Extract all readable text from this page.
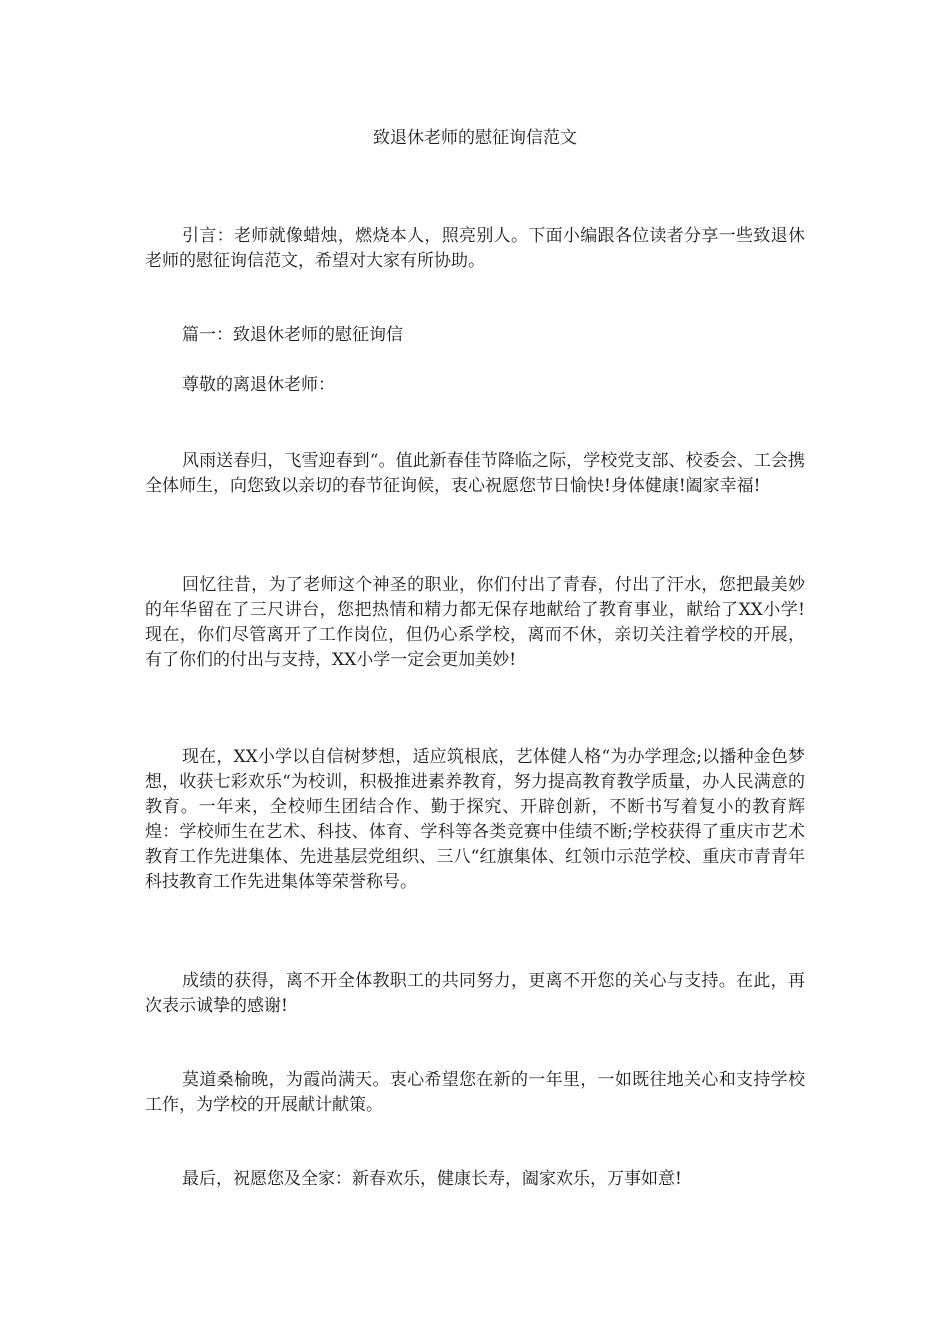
致退休老师的慰征询信范文

引言：老师就像蜡烛，燃烧本人，照亮别人。下面小编跟各位读者分享一些致退休老师的慰征询信范文，希望对大家有所协助。

篇一：致退休老师的慰征询信

尊敬的离退休老师：

风雨送春归，飞雪迎春到“。值此新春佳节降临之际，学校党支部、校委会、工会携全体师生，向您致以亲切的春节征询候，衷心祝愿您节日愉快!身体健康!阖家幸福!

回忆往昔，为了老师这个神圣的职业，你们付出了青春，付出了汗水，您把最美妙的年华留在了三尺讲台，您把热情和精力都无保存地献给了教育事业，献给了XX小学!现在，你们尽管离开了工作岗位，但仍心系学校，离而不休，亲切关注着学校的开展，有了你们的付出与支持，XX小学一定会更加美妙!

现在，XX小学以自信树梦想，适应筑根底，艺体健人格“为办学理念;以播种金色梦想，收获七彩欢乐“为校训，积极推进素养教育，努力提高教育教学质量，办人民满意的教育。一年来，全校师生团结合作、勤于探究、开辟创新，不断书写着复小的教育辉煌：学校师生在艺术、科技、体育、学科等各类竞赛中佳绩不断;学校获得了重庆市艺术教育工作先进集体、先进基层党组织、三八“红旗集体、红领巾示范学校、重庆市青青年科技教育工作先进集体等荣誉称号。

成绩的获得，离不开全体教职工的共同努力，更离不开您的关心与支持。在此，再次表示诚挚的感谢!

莫道桑榆晚，为霞尚满天。衷心希望您在新的一年里，一如既往地关心和支持学校工作，为学校的开展献计献策。

最后，祝愿您及全家：新春欢乐，健康长寿，阖家欢乐，万事如意!
